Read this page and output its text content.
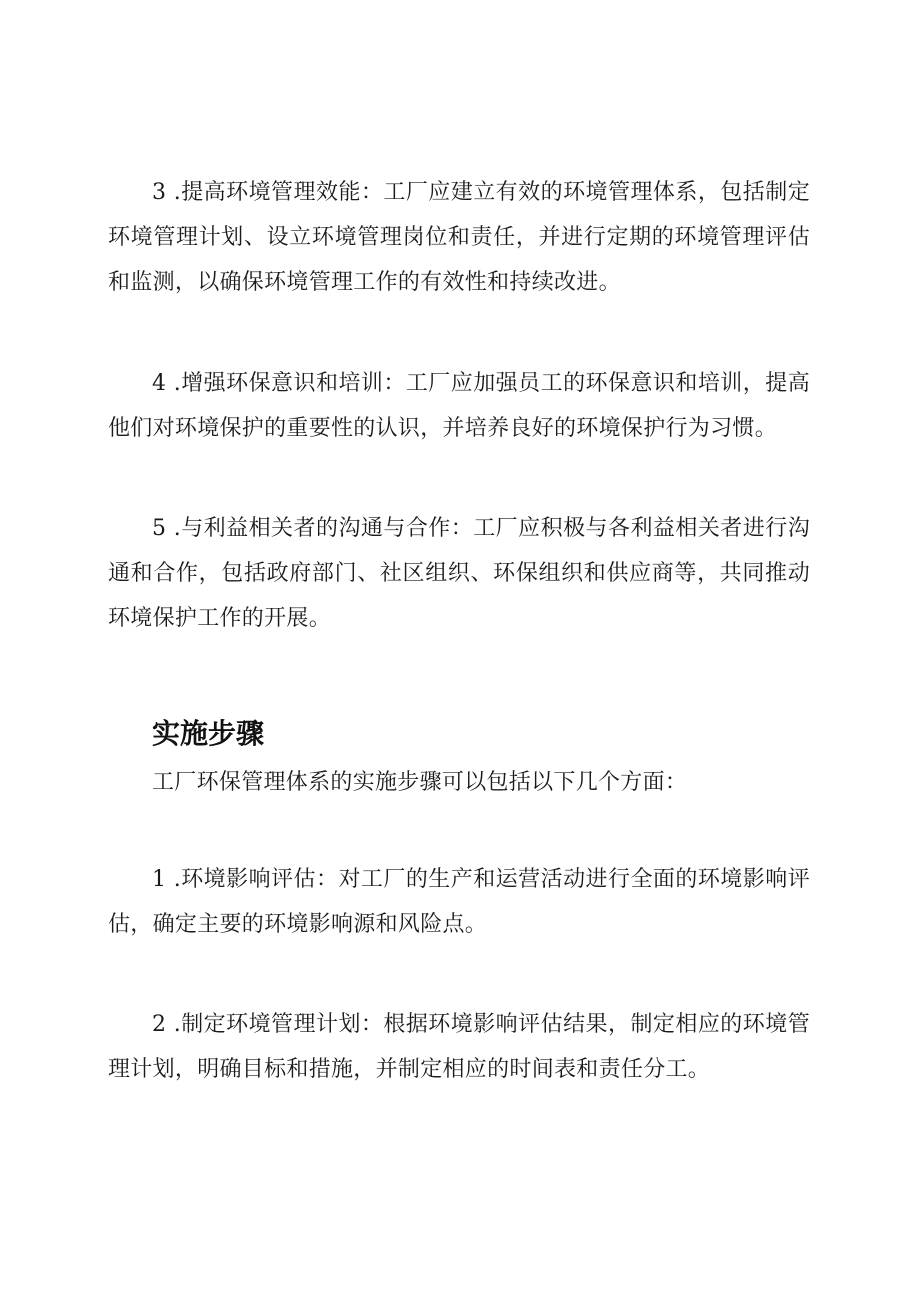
3 .提高环境管理效能：工厂应建立有效的环境管理体系，包括制定环境管理计划、设立环境管理岗位和责任，并进行定期的环境管理评估和监测，以确保环境管理工作的有效性和持续改进。

4 .增强环保意识和培训：工厂应加强员工的环保意识和培训，提高他们对环境保护的重要性的认识，并培养良好的环境保护行为习惯。

5 .与利益相关者的沟通与合作：工厂应积极与各利益相关者进行沟通和合作，包括政府部门、社区组织、环保组织和供应商等，共同推动环境保护工作的开展。

实施步骤

工厂环保管理体系的实施步骤可以包括以下几个方面：

1 .环境影响评估：对工厂的生产和运营活动进行全面的环境影响评估，确定主要的环境影响源和风险点。

2 .制定环境管理计划：根据环境影响评估结果，制定相应的环境管理计划，明确目标和措施，并制定相应的时间表和责任分工。
